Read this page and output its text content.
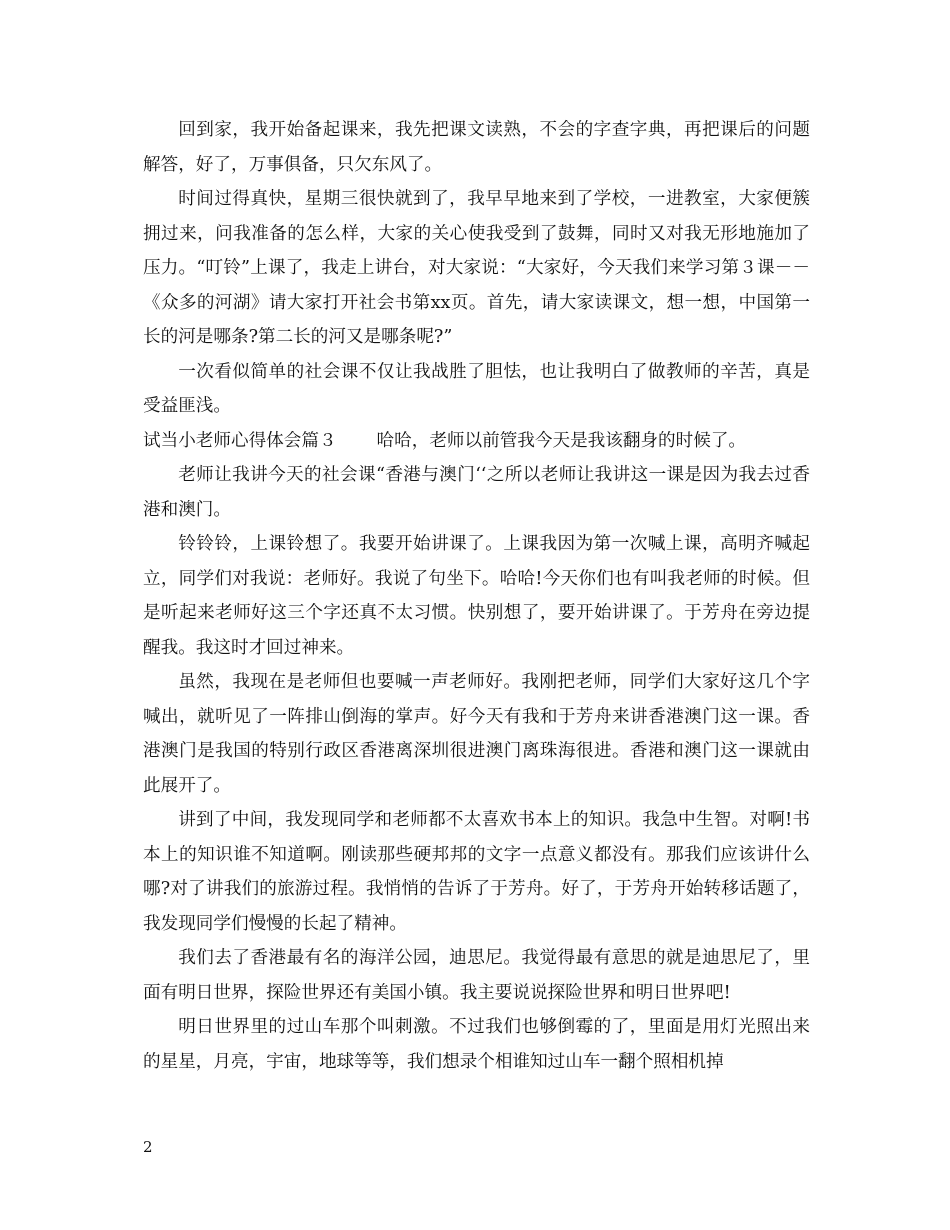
回到家，我开始备起课来，我先把课文读熟，不会的字查字典，再把课后的问题解答，好了，万事俱备，只欠东风了。

时间过得真快，星期三很快就到了，我早早地来到了学校，一进教室，大家便簇拥过来，问我准备的怎么样，大家的关心使我受到了鼓舞，同时又对我无形地施加了压力。“叮铃”上课了，我走上讲台，对大家说：“大家好，今天我们来学习第３课－－《众多的河湖》请大家打开社会书第xx页。首先，请大家读课文，想一想，中国第一长的河是哪条?第二长的河又是哪条呢?”

一次看似简单的社会课不仅让我战胜了胆怯，也让我明白了做教师的辛苦，真是受益匪浅。

试当小老师心得体会篇３ 哈哈，老师以前管我今天是我该翻身的时候了。

老师让我讲今天的社会课“香港与澳门‘‘之所以老师让我讲这一课是因为我去过香港和澳门。

铃铃铃，上课铃想了。我要开始讲课了。上课我因为第一次喊上课，高明齐喊起立，同学们对我说：老师好。我说了句坐下。哈哈!今天你们也有叫我老师的时候。但是听起来老师好这三个字还真不太习惯。快别想了，要开始讲课了。于芳舟在旁边提醒我。我这时才回过神来。

虽然，我现在是老师但也要喊一声老师好。我刚把老师，同学们大家好这几个字喊出，就听见了一阵排山倒海的掌声。好今天有我和于芳舟来讲香港澳门这一课。香港澳门是我国的特别行政区香港离深圳很进澳门离珠海很进。香港和澳门这一课就由此展开了。

讲到了中间，我发现同学和老师都不太喜欢书本上的知识。我急中生智。对啊!书本上的知识谁不知道啊。刚读那些硬邦邦的文字一点意义都没有。那我们应该讲什么哪?对了讲我们的旅游过程。我悄悄的告诉了于芳舟。好了，于芳舟开始转移话题了，我发现同学们慢慢的长起了精神。

我们去了香港最有名的海洋公园，迪思尼。我觉得最有意思的就是迪思尼了，里面有明日世界，探险世界还有美国小镇。我主要说说探险世界和明日世界吧!

明日世界里的过山车那个叫刺激。不过我们也够倒霉的了，里面是用灯光照出来的星星，月亮，宇宙，地球等等，我们想录个相谁知过山车一翻个照相机掉

2
